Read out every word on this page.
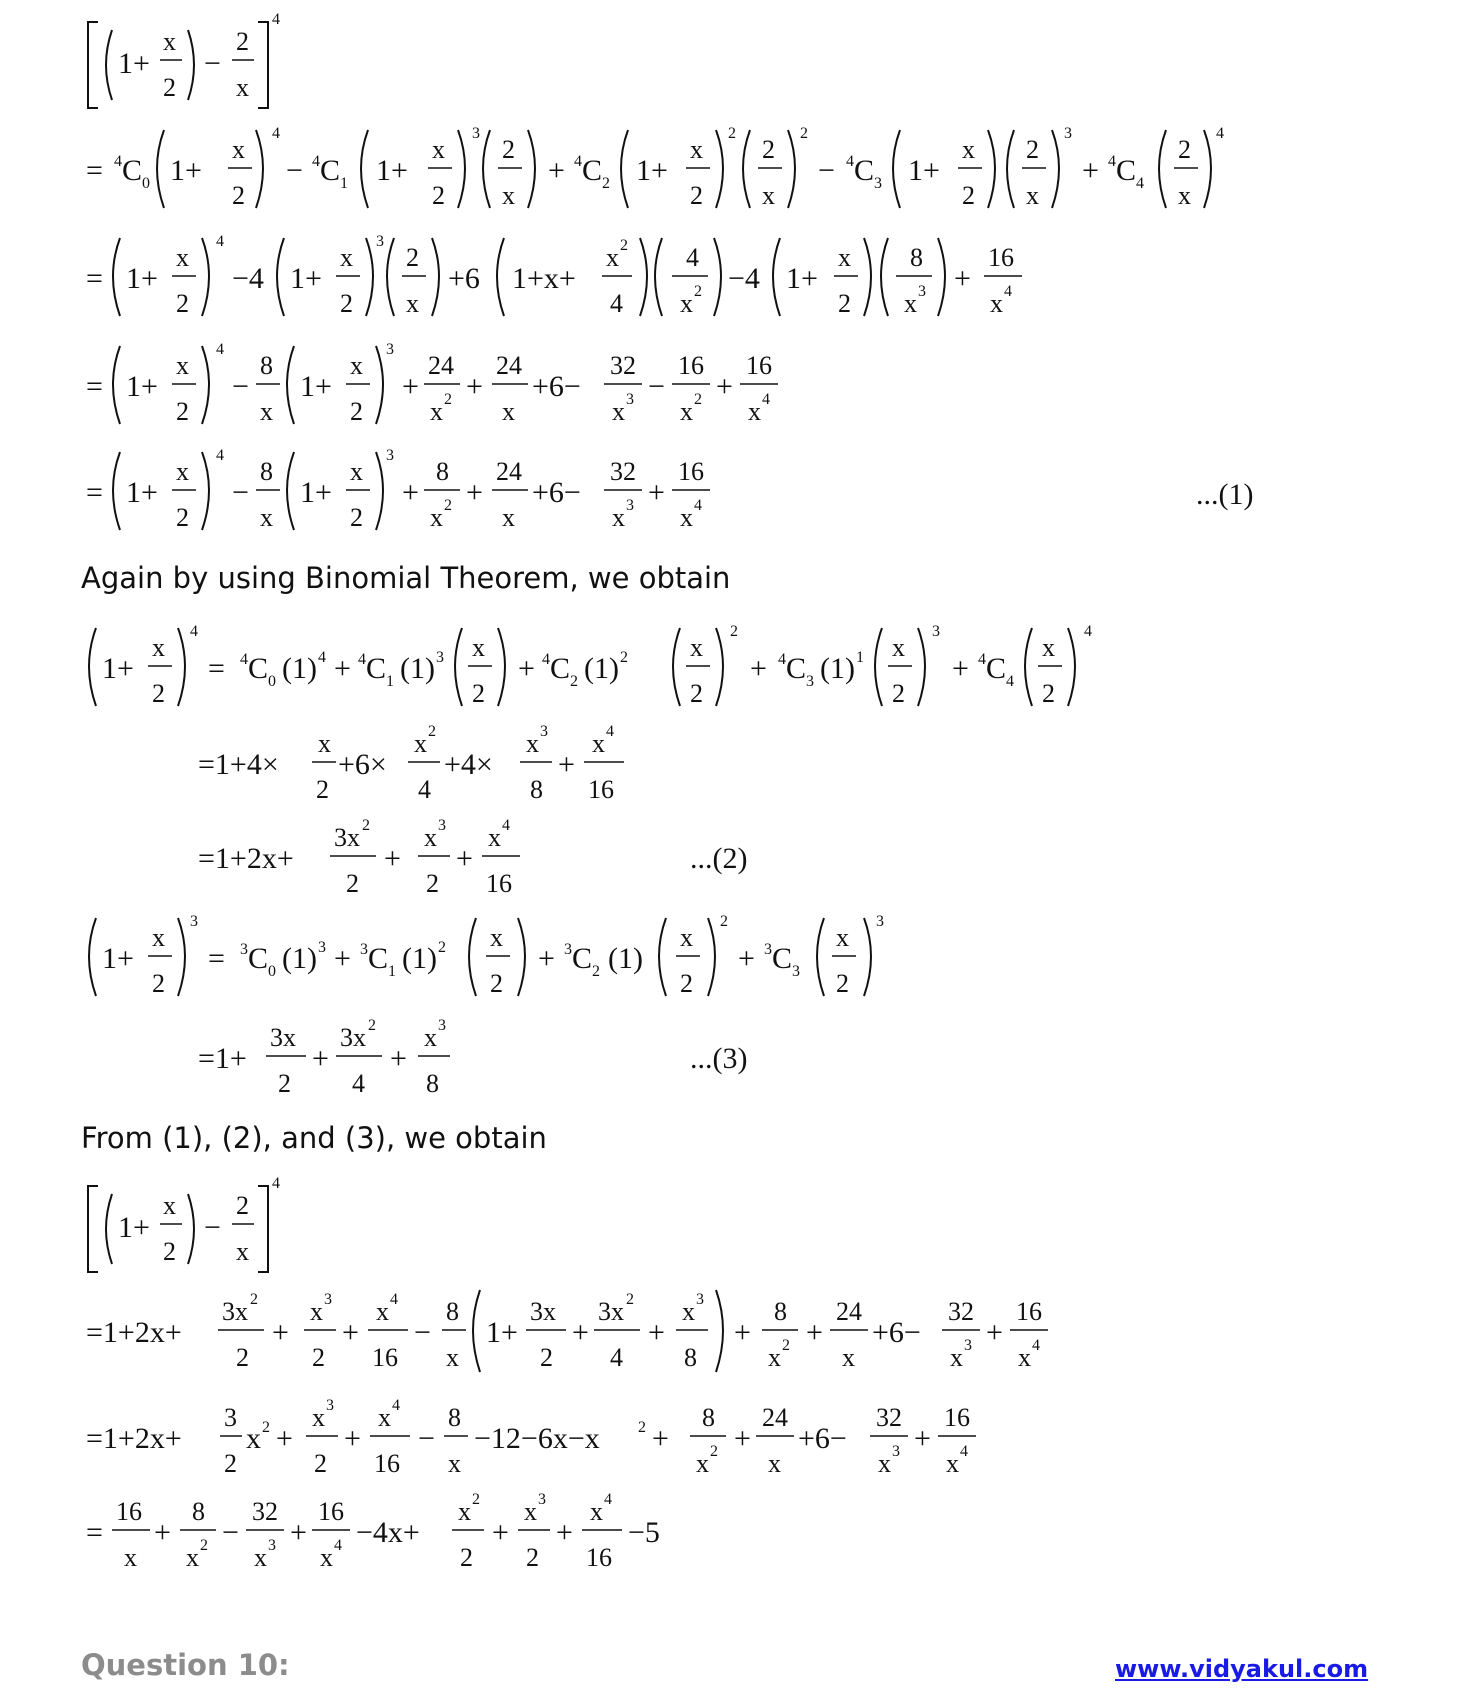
1+
x
2
−
2
x
4
= 4 C 0 1+
x
2
4
− 4 C 1 1+
x
2
3
2
x
+ 4 C 2 1+
x
2
2
2
x
2
− 4 C 3 1+
x
2
2
x
3
+ 4 C 4
2
x
4
= 1+
x
2
4
−4 1+
x
2
3
2
x
+6 1+x+
x 2
4
4
x 2 −4 1+
x
2
8
x 3 +
16
x 4
= 1+
x
2
4
−
8
x
1+
x
2
3
+
24
x 2 +
24
x
+6−
32
x 3 −
16
x 2 +
16
x 4
= 1+
x
2
4
−
8
x
1+
x
2
3
+
8
x 2 +
24
x
+6−
32
x 3 +
16
x 4	...(1)
1+
x
2
4
= 4 C 0 (1) 4 + 4 C 1 (1) 3 x
2
+ 4 C 2 (1) 2 x
2
2
+ 4 C 3 (1) 1 x
2
3
+ 4 C 4
x
2
4
=1+4×
x
2
+6×
x 2
4
+4×
x 3
8
+
x 4
16
=1+2x+
3x 2
2
+
x 3
2
+
x 4
16
...(2)
1+
x
2
3
= 3 C 0 (1) 3 + 3 C 1 (1) 2 x
2
+ 3 C 2 (1)
x
2
2
+ 3 C 3
x
2
3
=1+
3x
2
+
3x 2
4
+
x 3
8
...(3)
1+
x
2
−
2
x
4
=1+2x+
3x 2
2
+
x 3
2
+
x 4
16
−
8
x
1+
3x
2
+
3x 2
4
+
x 3
8
+
8
x 2 +
24
x
+6−
32
x 3 +
16
x 4
=1+2x+
3
2
x 2 +
x 3
2
+
x 4
16
−
8
x
−12−6x−x 2 +
8
x 2 +
24
x
+6−
32
x 3 +
16
x 4
=
16
x
+
8
x 2 −
32
x 3 +
16
x 4 −4x+
x 2
2
+
x 3
2
+
x 4
16
−5
Again by using Binomial Theorem, we obtain
From (1), (2), and (3), we obtain
Question 10:	www.vidyakul.com
